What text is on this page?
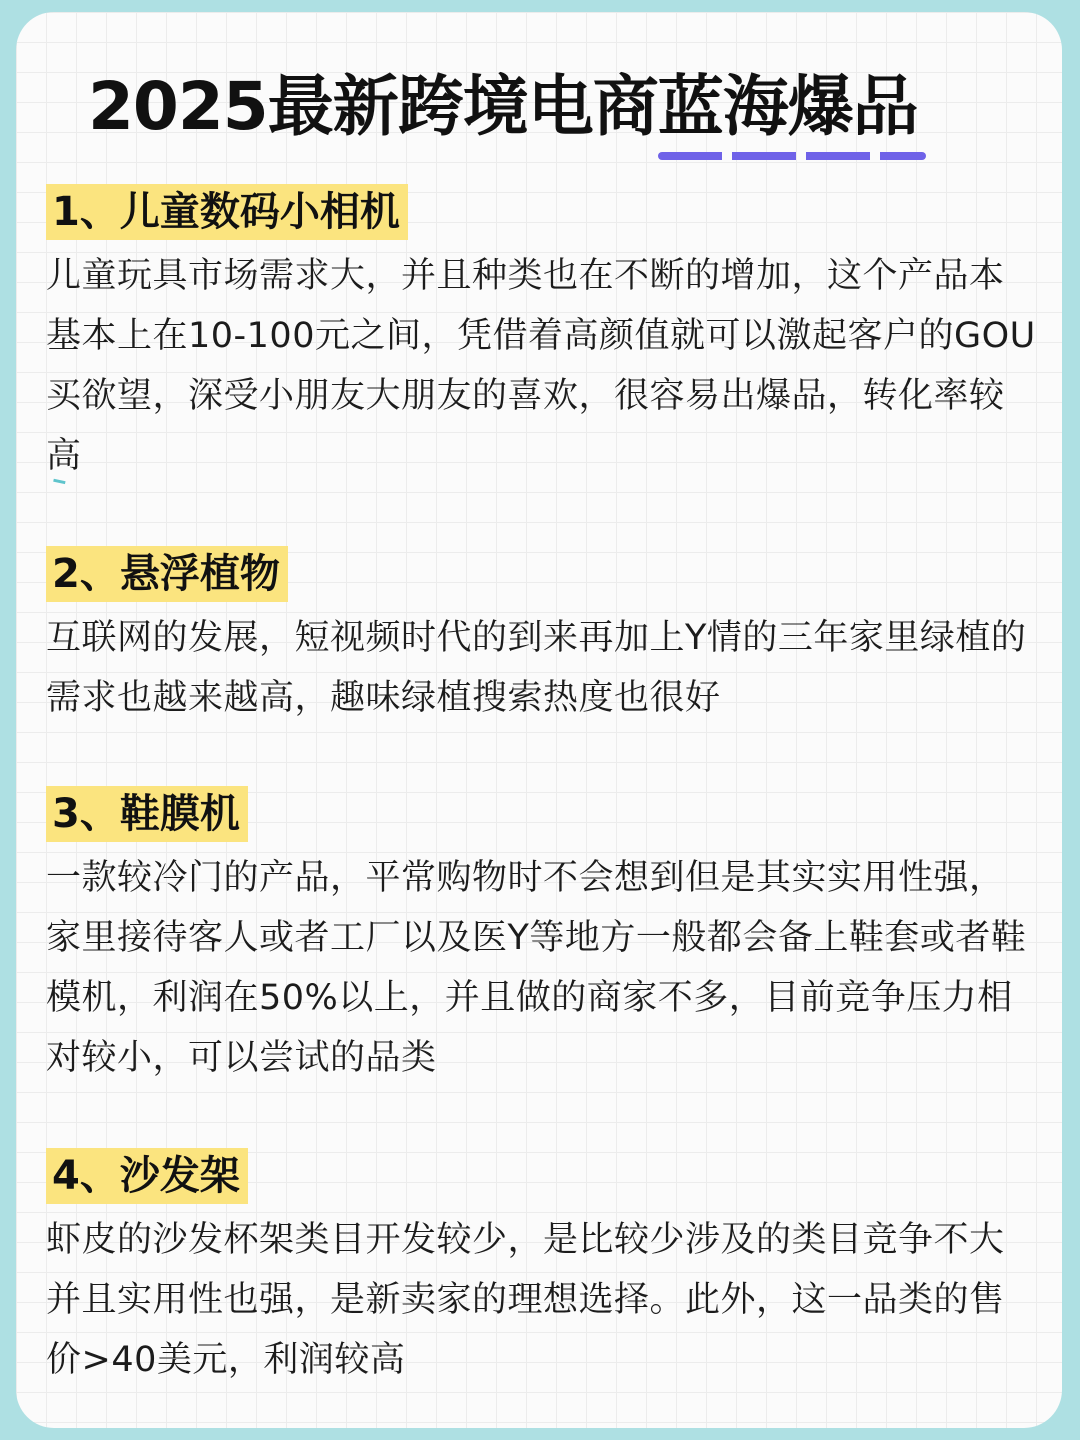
2025最新跨境电商蓝海爆品
1、儿童数码小相机

儿童玩具市场需求大，并且种类也在不断的增加，这个产品本基本上在10-100元之间，凭借着高颜值就可以激起客户的GOU买欲望，深受小朋友大朋友的喜欢，很容易出爆品，转化率较高

2、悬浮植物

互联网的发展，短视频时代的到来再加上Y情的三年家里绿植的需求也越来越高，趣味绿植搜索热度也很好

3、鞋膜机

一款较冷门的产品，平常购物时不会想到但是其实实用性强，家里接待客人或者工厂以及医Y等地方一般都会备上鞋套或者鞋模机，利润在50%以上，并且做的商家不多，目前竞争压力相对较小，可以尝试的品类

4、沙发架

虾皮的沙发杯架类目开发较少，是比较少涉及的类目竞争不大并且实用性也强，是新卖家的理想选择。此外，这一品类的售价>40美元，利润较高
